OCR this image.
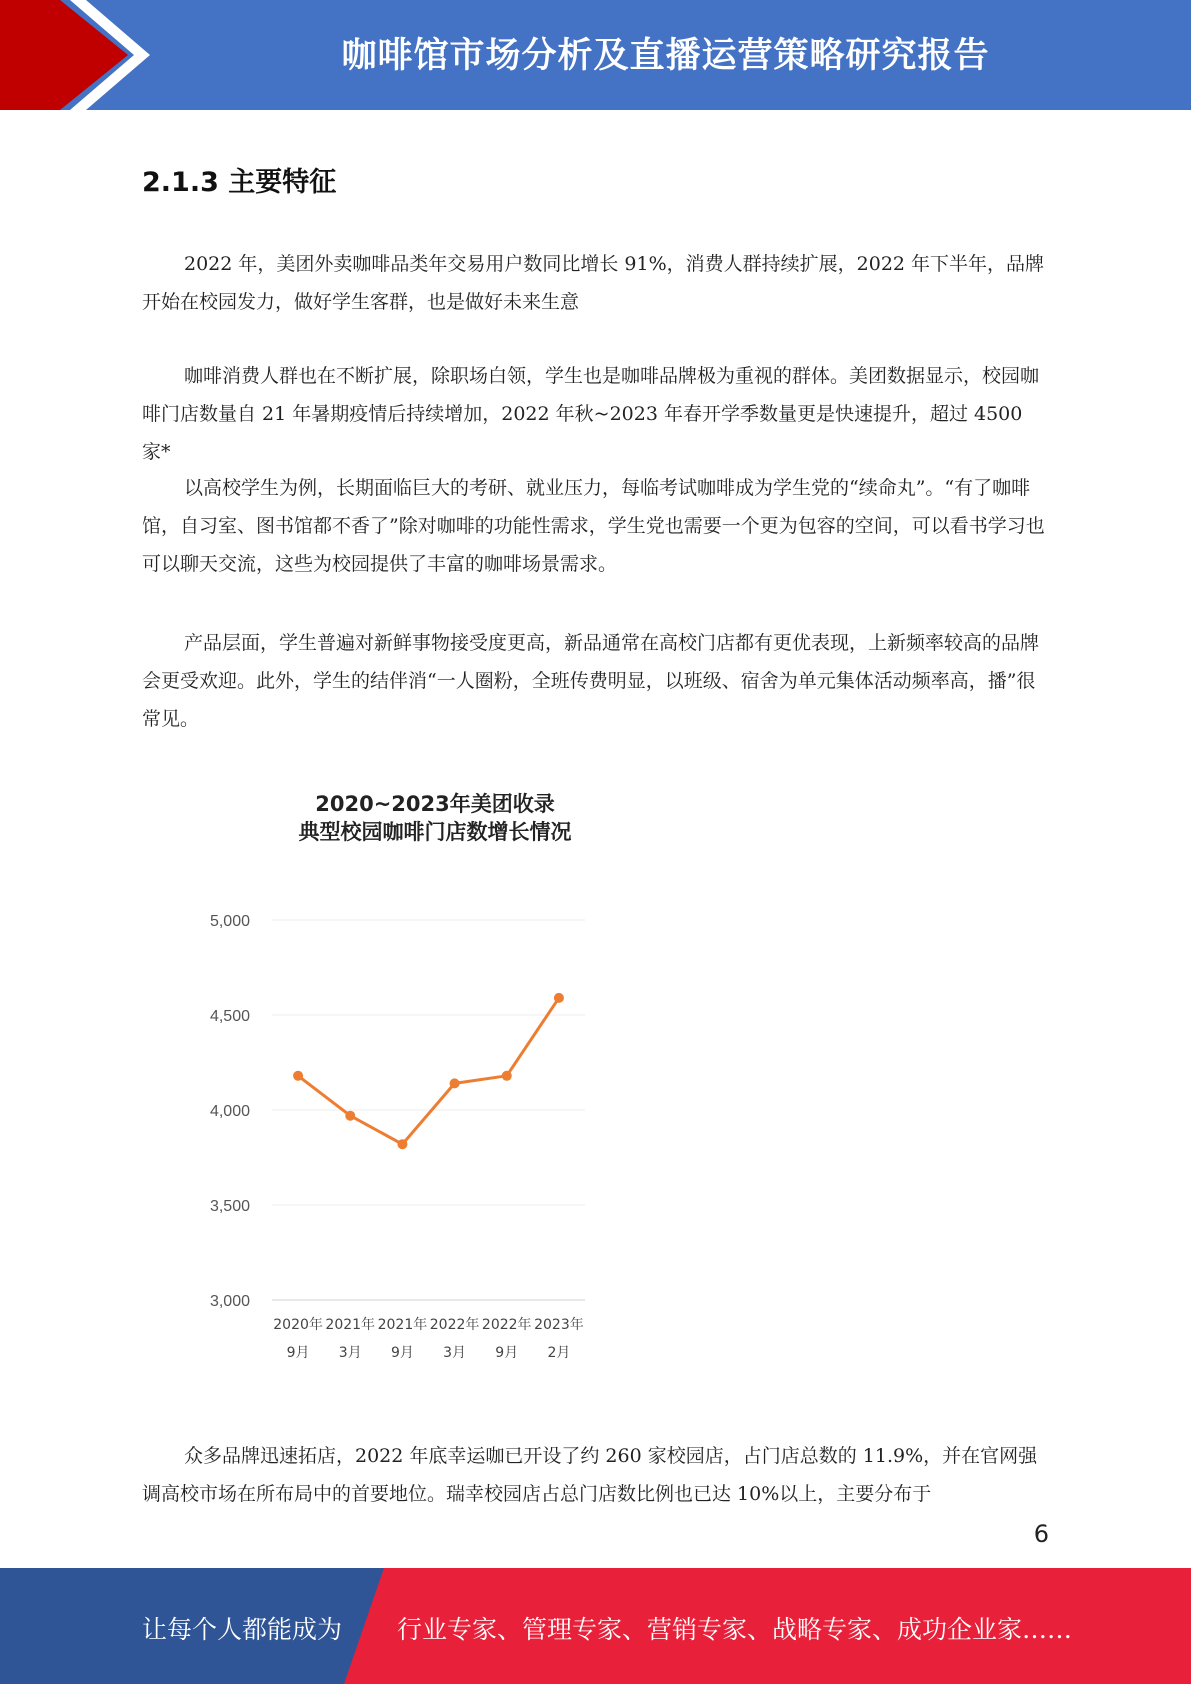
咖啡馆市场分析及直播运营策略研究报告
2.1.3 主要特征

2022 年，美团外卖咖啡品类年交易用户数同比增长 91%，消费人群持续扩展，2022 年下半年，品牌开始在校园发力，做好学生客群，也是做好未来生意

咖啡消费人群也在不断扩展，除职场白领，学生也是咖啡品牌极为重视的群体。美团数据显示，校园咖啡门店数量自 21 年暑期疫情后持续增加，2022 年秋~2023 年春开学季数量更是快速提升，超过 4500 家*

以高校学生为例，长期面临巨大的考研、就业压力，每临考试咖啡成为学生党的“续命丸”。“有了咖啡馆，自习室、图书馆都不香了”除对咖啡的功能性需求，学生党也需要一个更为包容的空间，可以看书学习也可以聊天交流，这些为校园提供了丰富的咖啡场景需求。

产品层面，学生普遍对新鲜事物接受度更高，新品通常在高校门店都有更优表现，上新频率较高的品牌会更受欢迎。此外，学生的结伴消“一人圈粉，全班传费明显，以班级、宿舍为单元集体活动频率高，播”很常见。

2020~2023年美团收录
典型校园咖啡门店数增长情况
3,000
3,500
4,000
4,500
5,000
2020年
9月
2021年
3月
2021年
9月
2022年
3月
2022年
9月
2023年
2月

众多品牌迅速拓店，2022 年底幸运咖已开设了约 260 家校园店，占门店总数的 11.9%，并在官网强调高校市场在所布局中的首要地位。瑞幸校园店占总门店数比例也已达 10%以上，主要分布于

6
让每个人都能成为 行业专家、管理专家、营销专家、战略专家、成功企业家……
